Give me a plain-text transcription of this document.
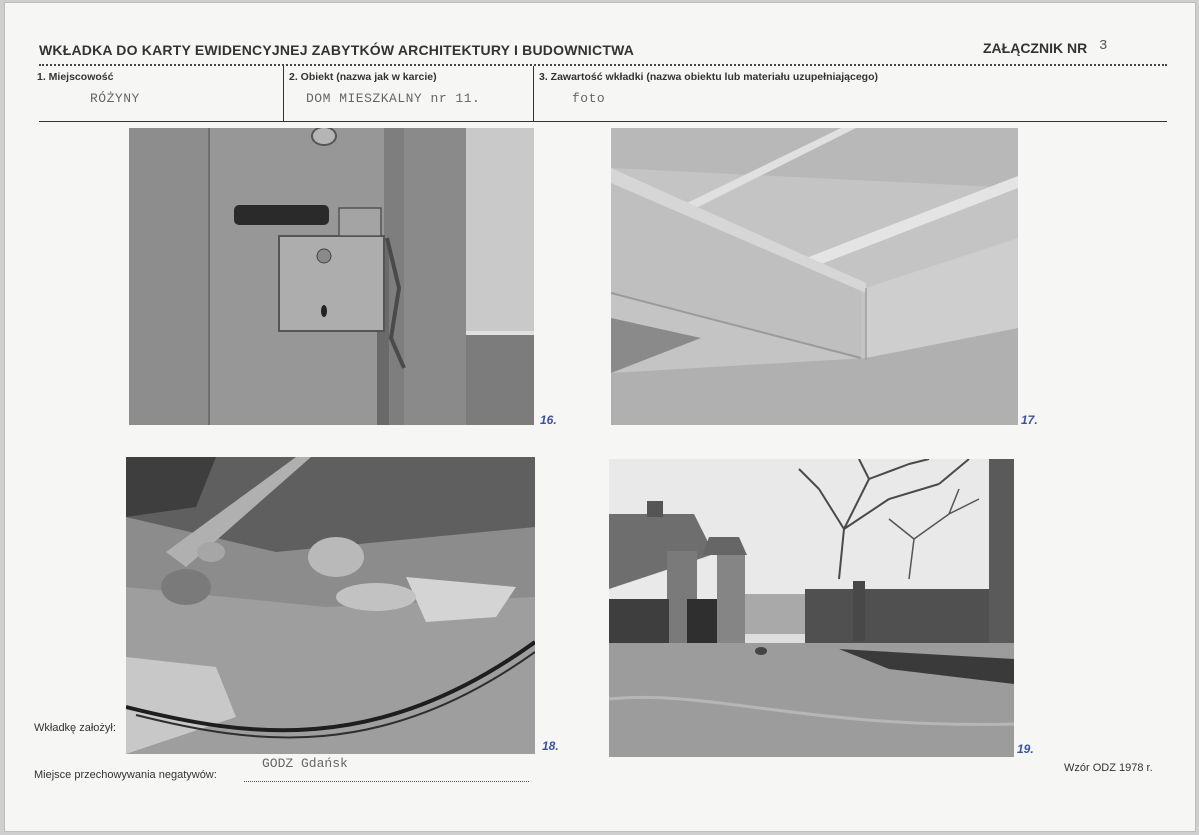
WKŁADKA DO KARTY EWIDENCYJNEJ ZABYTKÓW ARCHITEKTURY I BUDOWNICTWA	ZAŁĄCZNIK NR 3
1. Miejscowość
RÓŻYNY
2. Obiekt (nazwa jak w karcie)
DOM MIESZKALNY nr 11.
3. Zawartość wkładki (nazwa obiektu lub materiału uzupełniającego)
foto
16.	17.
18.	19.
Wkładkę założył:
Miejsce przechowywania negatywów:
GODZ Gdańsk	Wzór ODZ 1978 r.
